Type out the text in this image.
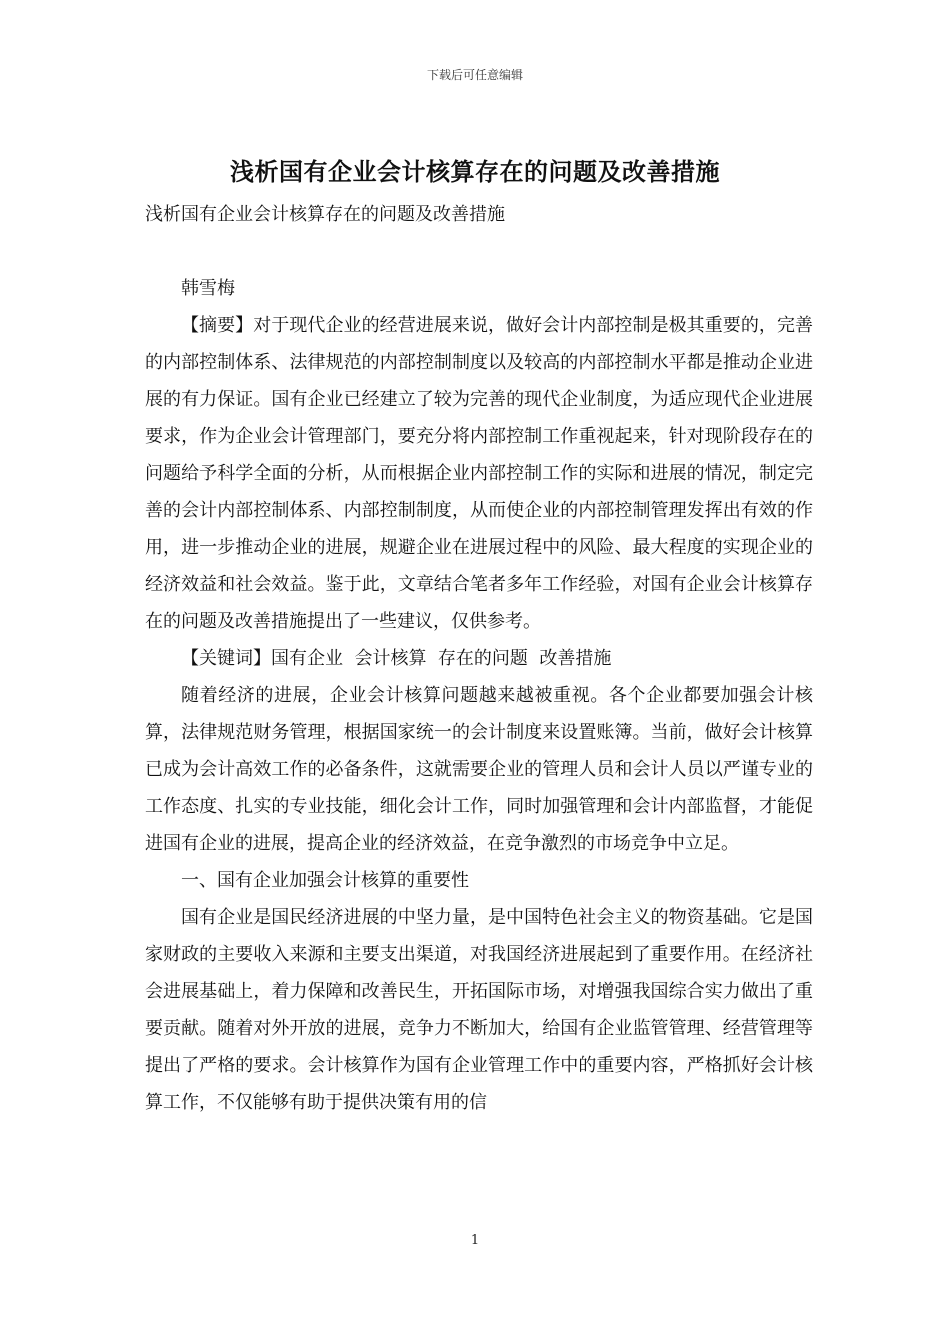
下载后可任意编辑
浅析国有企业会计核算存在的问题及改善措施

浅析国有企业会计核算存在的问题及改善措施

韩雪梅

【摘要】对于现代企业的经营进展来说，做好会计内部控制是极其重要的，完善的内部控制体系、法律规范的内部控制制度以及较高的内部控制水平都是推动企业进展的有力保证。国有企业已经建立了较为完善的现代企业制度，为适应现代企业进展要求，作为企业会计管理部门，要充分将内部控制工作重视起来，针对现阶段存在的问题给予科学全面的分析，从而根据企业内部控制工作的实际和进展的情况，制定完善的会计内部控制体系、内部控制制度，从而使企业的内部控制管理发挥出有效的作用，进一步推动企业的进展，规避企业在进展过程中的风险、最大程度的实现企业的经济效益和社会效益。鉴于此，文章结合笔者多年工作经验，对国有企业会计核算存在的问题及改善措施提出了一些建议，仅供参考。

【关键词】国有企业  会计核算  存在的问题  改善措施

随着经济的进展，企业会计核算问题越来越被重视。各个企业都要加强会计核算，法律规范财务管理，根据国家统一的会计制度来设置账簿。当前，做好会计核算已成为会计高效工作的必备条件，这就需要企业的管理人员和会计人员以严谨专业的工作态度、扎实的专业技能，细化会计工作，同时加强管理和会计内部监督，才能促进国有企业的进展，提高企业的经济效益，在竞争激烈的市场竞争中立足。

一、国有企业加强会计核算的重要性

国有企业是国民经济进展的中坚力量，是中国特色社会主义的物资基础。它是国家财政的主要收入来源和主要支出渠道，对我国经济进展起到了重要作用。在经济社会进展基础上，着力保障和改善民生，开拓国际市场，对增强我国综合实力做出了重要贡献。随着对外开放的进展，竞争力不断加大，给国有企业监管管理、经营管理等提出了严格的要求。会计核算作为国有企业管理工作中的重要内容，严格抓好会计核算工作，不仅能够有助于提供决策有用的信

1
